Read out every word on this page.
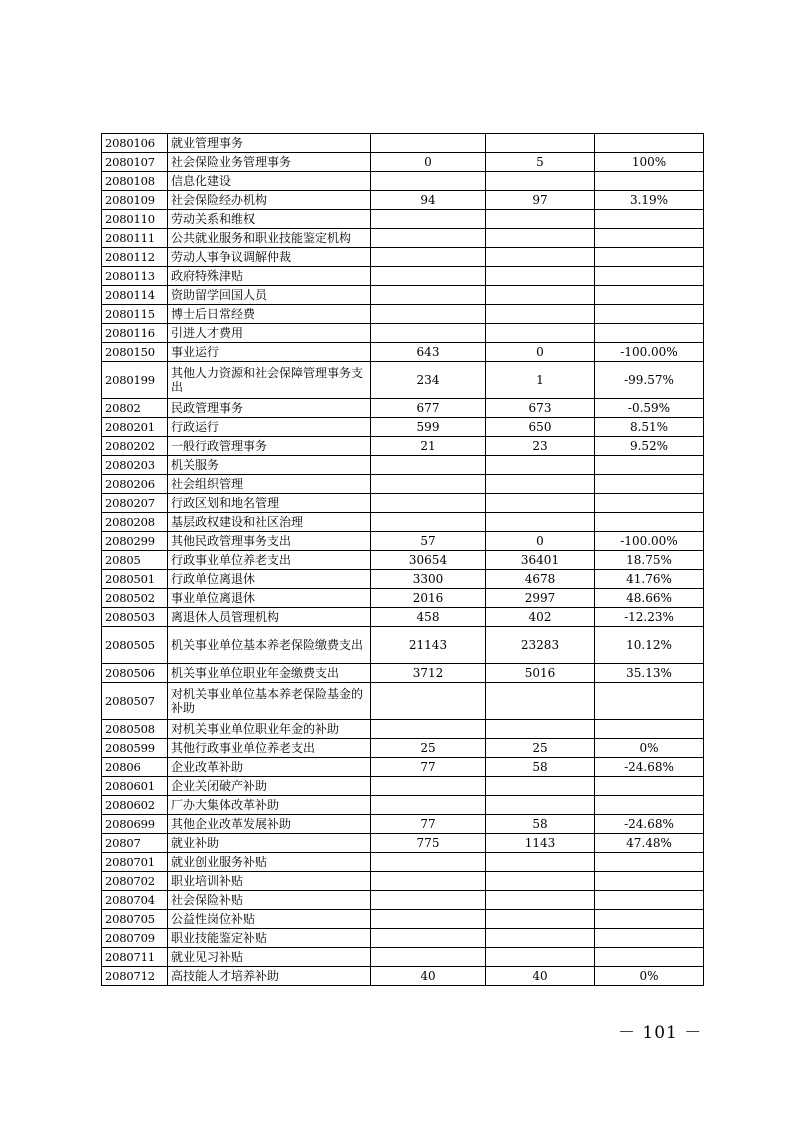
2080106	就业管理事务			
2080107	社会保险业务管理事务	0	5	100%
2080108	信息化建设			
2080109	社会保险经办机构	94	97	3.19%
2080110	劳动关系和维权			
2080111	公共就业服务和职业技能鉴定机构			
2080112	劳动人事争议调解仲裁			
2080113	政府特殊津贴			
2080114	资助留学回国人员			
2080115	博士后日常经费			
2080116	引进人才费用			
2080150	事业运行	643	0	-100.00%
2080199	其他人力资源和社会保障管理事务支出	234	1	-99.57%
20802	民政管理事务	677	673	-0.59%
2080201	行政运行	599	650	8.51%
2080202	一般行政管理事务	21	23	9.52%
2080203	机关服务			
2080206	社会组织管理			
2080207	行政区划和地名管理			
2080208	基层政权建设和社区治理			
2080299	其他民政管理事务支出	57	0	-100.00%
20805	行政事业单位养老支出	30654	36401	18.75%
2080501	行政单位离退休	3300	4678	41.76%
2080502	事业单位离退休	2016	2997	48.66%
2080503	离退休人员管理机构	458	402	-12.23%
2080505	机关事业单位基本养老保险缴费支出	21143	23283	10.12%
2080506	机关事业单位职业年金缴费支出	3712	5016	35.13%
2080507	对机关事业单位基本养老保险基金的补助			
2080508	对机关事业单位职业年金的补助			
2080599	其他行政事业单位养老支出	25	25	0%
20806	企业改革补助	77	58	-24.68%
2080601	企业关闭破产补助			
2080602	厂办大集体改革补助			
2080699	其他企业改革发展补助	77	58	-24.68%
20807	就业补助	775	1143	47.48%
2080701	就业创业服务补贴			
2080702	职业培训补贴			
2080704	社会保险补贴			
2080705	公益性岗位补贴			
2080709	职业技能鉴定补贴			
2080711	就业见习补贴			
2080712	高技能人才培养补助	40	40	0%
－ 101 －
